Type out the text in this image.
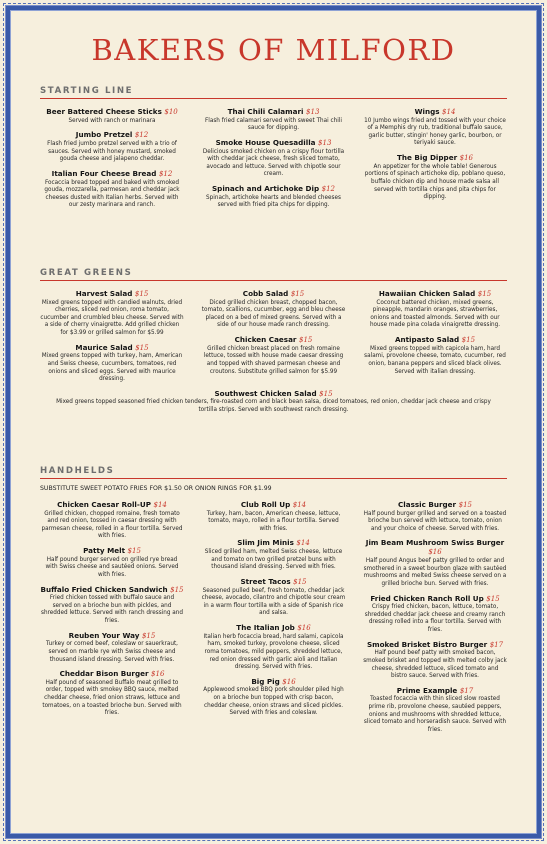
BAKERS OF MILFORD
STARTING LINE
Beer Battered Cheese Sticks $10
Served with ranch or marinara
Jumbo Pretzel $12
Flash fried jumbo pretzel served with a trio of sauces. Served with honey mustard, smoked gouda cheese and jalapeno cheddar.
Italian Four Cheese Bread $12
Focaccia bread topped and baked with smoked gouda, mozzarella, parmesan and cheddar jack cheeses dusted with Italian herbs. Served with our zesty marinara and ranch.
Thai Chili Calamari $13
Flash fried calamari served with sweet Thai chili sauce for dipping.
Smoke House Quesadilla $13
Delicious smoked chicken on a crispy flour tortilla with cheddar jack cheese, fresh sliced tomato, avocado and lettuce. Served with chipotle sour cream.
Spinach and Artichoke Dip $12
Spinach, artichoke hearts and blended cheeses served with fried pita chips for dipping.
Wings $14
10 Jumbo wings fried and tossed with your choice of a Memphis dry rub, traditional buffalo sauce, garlic butter, stingin' honey garlic, bourbon, or teriyaki sauce.
The Big Dipper $16
An appetizer for the whole table! Generous portions of spinach artichoke dip, poblano queso, buffalo chicken dip and house made salsa all served with tortilla chips and pita chips for dipping.
GREAT GREENS
Harvest Salad $15
Mixed greens topped with candied walnuts, dried cherries, sliced red onion, roma tomato, cucumber and crumbled bleu cheese. Served with a side of cherry vinaigrette. Add grilled chicken for $3.99 or grilled salmon for $5.99
Maurice Salad $15
Mixed greens topped with turkey, ham, American and Swiss cheese, cucumbers, tomatoes, red onions and sliced eggs. Served with maurice dressing.
Cobb Salad $15
Diced grilled chicken breast, chopped bacon, tomato, scallions, cucumber, egg and bleu cheese placed on a bed of mixed greens. Served with a side of our house made ranch dressing.
Chicken Caesar $15
Grilled chicken breast placed on fresh romaine lettuce, tossed with house made caesar dressing and topped with shaved parmesan cheese and croutons. Substitute grilled salmon for $5.99
Hawaiian Chicken Salad $15
Coconut battered chicken, mixed greens, pineapple, mandarin oranges, strawberries, onions and toasted almonds. Served with our house made pina colada vinaigrette dressing.
Antipasto Salad $15
Mixed greens topped with capicola ham, hard salami, provolone cheese, tomato, cucumber, red onion, banana peppers and sliced black olives. Served with italian dressing.
Southwest Chicken Salad $15
Mixed greens topped seasoned fried chicken tenders, fire-roasted corn and black bean salsa, diced tomatoes, red onion, cheddar jack cheese and crispy tortilla strips. Served with southwest ranch dressing.
HANDHELDS
SUBSTITUTE SWEET POTATO FRIES FOR $1.50 OR ONION RINGS FOR $1.99
Chicken Caesar Roll-UP $14
Grilled chicken, chopped romaine, fresh tomato and red onion, tossed in caesar dressing with parmesan cheese, rolled in a flour tortilla. Served with fries.
Patty Melt $15
Half pound burger served on grilled rye bread with Swiss cheese and sautéed onions. Served with fries.
Buffalo Fried Chicken Sandwich $15
Fried chicken tossed with buffalo sauce and served on a brioche bun with pickles, and shredded lettuce. Served with ranch dressing and fries.
Reuben Your Way $15
Turkey or corned beef, coleslaw or sauerkraut, served on marble rye with Swiss cheese and thousand island dressing. Served with fries.
Cheddar Bison Burger $16
Half pound of seasoned Buffalo meat grilled to order, topped with smokey BBQ sauce, melted cheddar cheese, fried onion straws, lettuce and tomatoes, on a toasted brioche bun. Served with fries.
Club Roll Up $14
Turkey, ham, bacon, American cheese, lettuce, tomato, mayo, rolled in a flour tortilla. Served with fries.
Slim Jim Minis $14
Sliced grilled ham, melted Swiss cheese, lettuce and tomato on two grilled pretzel buns with thousand island dressing. Served with fries.
Street Tacos $15
Seasoned pulled beef, fresh tomato, cheddar jack cheese, avocado, cilantro and chipotle sour cream in a warm flour tortilla with a side of Spanish rice and salsa.
The Italian Job $16
Italian herb focaccia bread, hard salami, capicola ham, smoked turkey, provolone cheese, sliced roma tomatoes, mild peppers, shredded lettuce, red onion dressed with garlic aioli and Italian dressing. Served with fries.
Big Pig $16
Applewood smoked BBQ pork shoulder piled high on a brioche bun topped with crisp bacon, cheddar cheese, onion straws and sliced pickles. Served with fries and coleslaw.
Classic Burger $15
Half pound burger grilled and served on a toasted brioche bun served with lettuce, tomato, onion and your choice of cheese. Served with fries.
Jim Beam Mushroom Swiss Burger $16
Half pound Angus beef patty grilled to order and smothered in a sweet bourbon glaze with sautéed mushrooms and melted Swiss cheese served on a grilled brioche bun. Served with fries.
Fried Chicken Ranch Roll Up $15
Crispy fried chicken, bacon, lettuce, tomato, shredded cheddar jack cheese and creamy ranch dressing rolled into a flour tortilla. Served with fries.
Smoked Brisket Bistro Burger $17
Half pound beef patty with smoked bacon, smoked brisket and topped with melted colby jack cheese, shredded lettuce, sliced tomato and bistro sauce. Served with fries.
Prime Example $17
Toasted focaccia with thin sliced slow roasted prime rib, provolone cheese, sautéed peppers, onions and mushrooms with shredded lettuce, sliced tomato and horseradish sauce. Served with fries.
